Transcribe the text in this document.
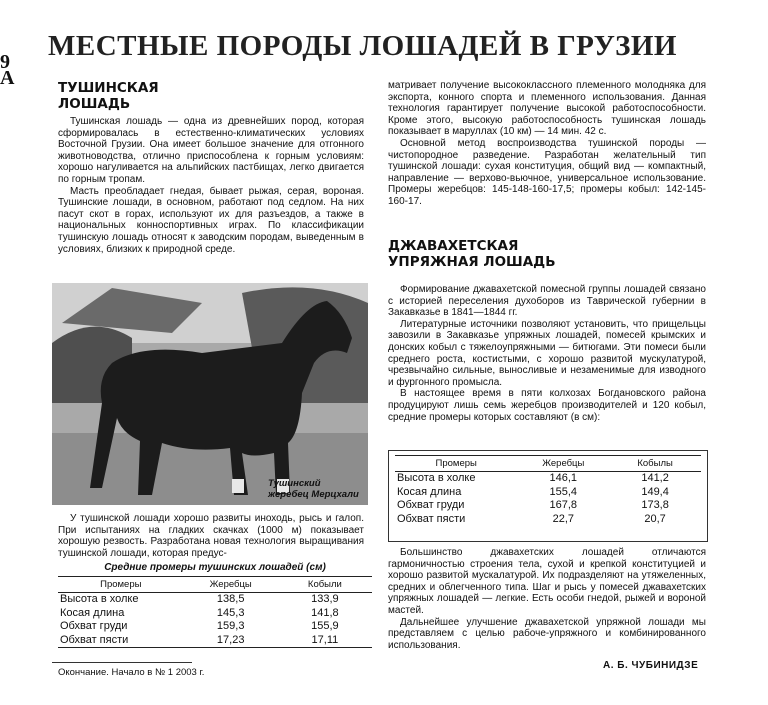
МЕСТНЫЕ ПОРОДЫ ЛОШАДЕЙ В ГРУЗИИ
9
A	ТУШИНСКАЯ

ЛОШАДЬ

Тушинская лошадь — одна из древнейших пород, которая сформировалась в естественно-климатических условиях Восточной Грузии. Она имеет большое значение для отгонного животноводства, отлично приспособлена к горным условиям: хорошо нагуливается на альпийских пастбищах, легко двигается по горным тропам.

Масть преобладает гнедая, бывает рыжая, серая, вороная. Тушинские лошади, в основном, работают под седлом. На них пасут скот в горах, используют их для разъездов, а также в национальных конноспортивных играх. По классификации тушинскую лошадь относят к заводским породам, выведенным в условиях, близких к природной среде.

Тушинский
жеребец Мерцхали

У тушинской лошади хорошо развиты иноходь, рысь и галоп. При испытаниях на гладких скачках (1000 м) показывает хорошую резвость. Разработана новая технология выращивания тушинской лошади, которая предус-

Средние промеры тушинских лошадей (см)
Промеры	Жеребцы	Кобыли
Высота в холке	138,5	133,9
Косая длина	145,3	141,8
Обхват груди	159,3	155,9
Обхват пясти	17,23	17,11
Окончание. Начало в № 1 2003 г.

матривает получение высококлассного племенного молодняка для экспорта, конного спорта и племенного использования. Данная технология гарантирует получение высокой работоспособности. Кроме этого, высокую работоспособность тушинская лошадь показывает в маруллах (10 км) — 14 мин. 42 с.

Основной метод воспроизводства тушинской породы — чистопородное разведение. Разработан желательный тип тушинской лошади: сухая конституция, общий вид — компактный, направление — верхово-вьючное, универсальное использование. Промеры жеребцов: 145-148-160-17,5; промеры кобыл: 142-145-160-17.

ДЖАВАХЕТСКАЯ

УПРЯЖНАЯ ЛОШАДЬ

Формирование джавахетской помесной группы лошадей связано с историей переселения духоборов из Таврической губернии в Закавказье в 1841—1844 гг.

Литературные источники позволяют установить, что прищельцы завозили в Закавказье упряжных лошадей, помесей крымских и донских кобыл с тяжелоупряжными — битюгами. Эти помеси были среднего роста, костистыми, с хорошо развитой мускулатурой, чрезвычайно сильные, выносливые и незаменимые для изводного и фургонного промысла.

В настоящее время в пяти колхозах Богдановского района продуцируют лишь семь жеребцов производителей и 120 кобыл, средние промеры которых составляют (в см):

Промеры	Жеребцы	Кобылы
Высота в холке	146,1	141,2
Косая длина	155,4	149,4
Обхват груди	167,8	173,8
Обхват пясти	22,7	20,7

Большинство джавахетских лошадей отличаются гармоничностью строения тела, сухой и крепкой конституцией и хорошо развитой мускалатурой. Их подразделяют на утяжеленных, средних и облегченного типа. Шаг и рысь у помесей джавахетских упряжных лошадей — легкие. Есть особи гнедой, рыжей и вороной мастей.

Дальнейшее улучшение джавахетской упряжной лошади мы представляем с целью рабоче-упряжного и комбинированного использования.

А. Б. ЧУБИНИДЗЕ
